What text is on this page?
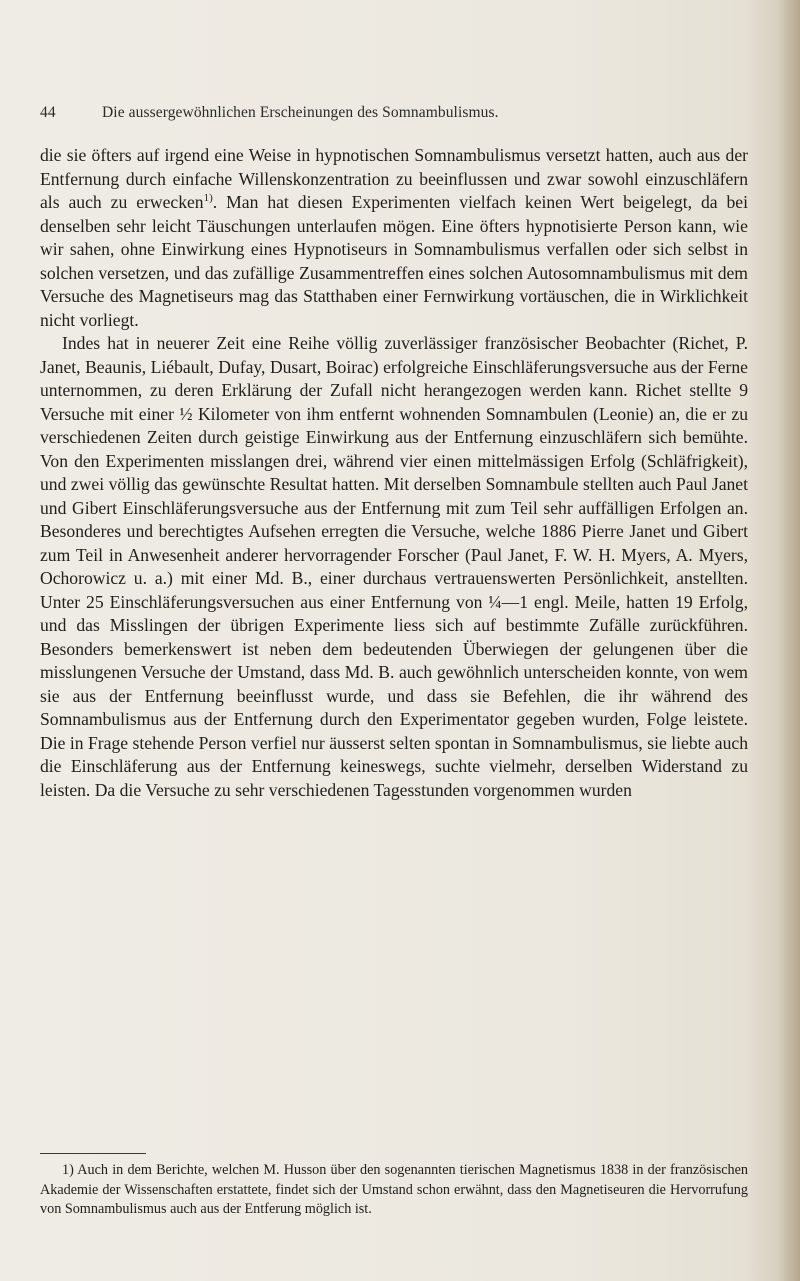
44	Die aussergewöhnlichen Erscheinungen des Somnambulismus.

die sie öfters auf irgend eine Weise in hypnotischen Somnambulismus versetzt hatten, auch aus der Entfernung durch einfache Willenskonzentration zu beeinflussen und zwar sowohl einzuschläfern als auch zu erwecken$^{1)}$. Man hat diesen Experimenten vielfach keinen Wert beigelegt, da bei denselben sehr leicht Täuschungen unterlaufen mögen. Eine öfters hypnotisierte Person kann, wie wir sahen, ohne Einwirkung eines Hypnotiseurs in Somnambulismus verfallen oder sich selbst in solchen versetzen, und das zufällige Zusammentreffen eines solchen Autosomnambulismus mit dem Versuche des Magnetiseurs mag das Statthaben einer Fernwirkung vortäuschen, die in Wirklichkeit nicht vorliegt.

Indes hat in neuerer Zeit eine Reihe völlig zuverlässiger französischer Beobachter (Richet, P. Janet, Beaunis, Liébault, Dufay, Dusart, Boirac) erfolgreiche Einschläferungsversuche aus der Ferne unternommen, zu deren Erklärung der Zufall nicht herangezogen werden kann. Richet stellte 9 Versuche mit einer ½ Kilometer von ihm entfernt wohnenden Somnambulen (Leonie) an, die er zu verschiedenen Zeiten durch geistige Einwirkung aus der Entfernung einzuschläfern sich bemühte. Von den Experimenten misslangen drei, während vier einen mittelmässigen Erfolg (Schläfrigkeit), und zwei völlig das gewünschte Resultat hatten. Mit derselben Somnambule stellten auch Paul Janet und Gibert Einschläferungsversuche aus der Entfernung mit zum Teil sehr auffälligen Erfolgen an. Besonderes und berechtigtes Aufsehen erregten die Versuche, welche 1886 Pierre Janet und Gibert zum Teil in Anwesenheit anderer hervorragender Forscher (Paul Janet, F. W. H. Myers, A. Myers, Ochorowicz u. a.) mit einer Md. B., einer durchaus vertrauenswerten Persönlichkeit, anstellten. Unter 25 Einschläferungsversuchen aus einer Entfernung von ¼—1 engl. Meile, hatten 19 Erfolg, und das Misslingen der übrigen Experimente liess sich auf bestimmte Zufälle zurückführen. Besonders bemerkenswert ist neben dem bedeutenden Überwiegen der gelungenen über die misslungenen Versuche der Umstand, dass Md. B. auch gewöhnlich unterscheiden konnte, von wem sie aus der Entfernung beeinflusst wurde, und dass sie Befehlen, die ihr während des Somnambulismus aus der Entfernung durch den Experimentator gegeben wurden, Folge leistete. Die in Frage stehende Person verfiel nur äusserst selten spontan in Somnambulismus, sie liebte auch die Einschläferung aus der Entfernung keineswegs, suchte vielmehr, derselben Widerstand zu leisten. Da die Versuche zu sehr verschiedenen Tagesstunden vorgenommen wurden

1) Auch in dem Berichte, welchen M. Husson über den sogenannten tierischen Magnetismus 1838 in der französischen Akademie der Wissenschaften erstattete, findet sich der Umstand schon erwähnt, dass den Magnetiseuren die Hervorrufung von Somnambulismus auch aus der Entferung möglich ist.
